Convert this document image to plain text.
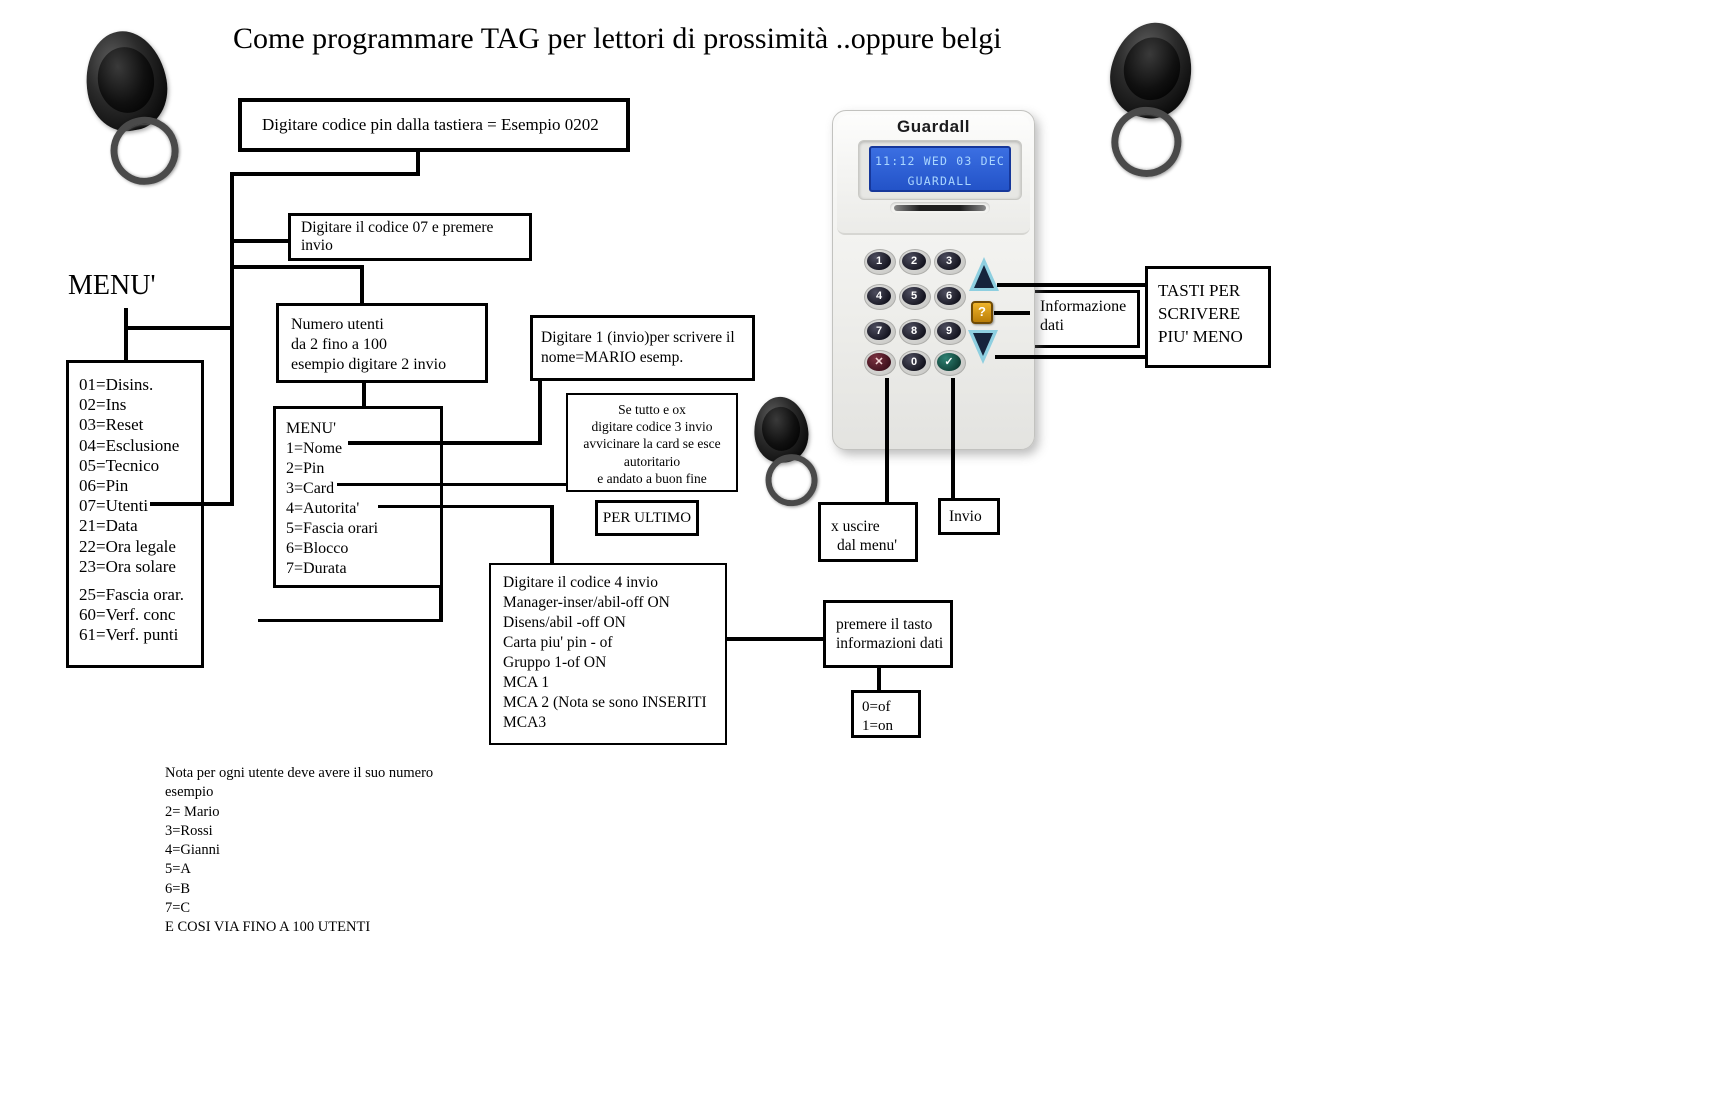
Come programmare TAG per lettori di prossimità ..oppure belgi
Digitare codice pin dalla tastiera = Esempio 0202
Digitare il codice 07 e premere invio
MENU'
01=Disins.
02=Ins
03=Reset
04=Esclusione
05=Tecnico
06=Pin
07=Utenti
21=Data
22=Ora legale
23=Ora solare
25=Fascia orar.
60=Verf. conc
61=Verf. punti
Numero utenti
da 2 fino a 100
esempio digitare 2 invio
MENU'
1=Nome
2=Pin
3=Card
4=Autorita'
5=Fascia orari
6=Blocco
7=Durata
Digitare 1 (invio)per scrivere il
nome=MARIO esemp.
Se tutto e ox
digitare codice 3 invio
avvicinare la card se esce
autoritario
e andato a buon fine
PER ULTIMO
Digitare il codice 4 invio
Manager-inser/abil-off ON
Disens/abil -off ON
Carta piu' pin - of
Gruppo 1-of ON
MCA 1
MCA 2 (Nota se sono INSERITI
MCA3
x uscire
dal menu'
Invio
Informazione
dati
TASTI PER
SCRIVERE
PIU' MENO
premere il tasto
informazioni dati
0=of
1=on
Nota per ogni utente deve avere il suo numero
esempio
2= Mario
3=Rossi
4=Gianni
5=A
6=B
7=C
E COSI VIA FINO A 100 UTENTI
Guardall
11:12 WED 03 DEC
GUARDALL
1	2	3
4	5	6
7	8	9
✕	0	✓
?
